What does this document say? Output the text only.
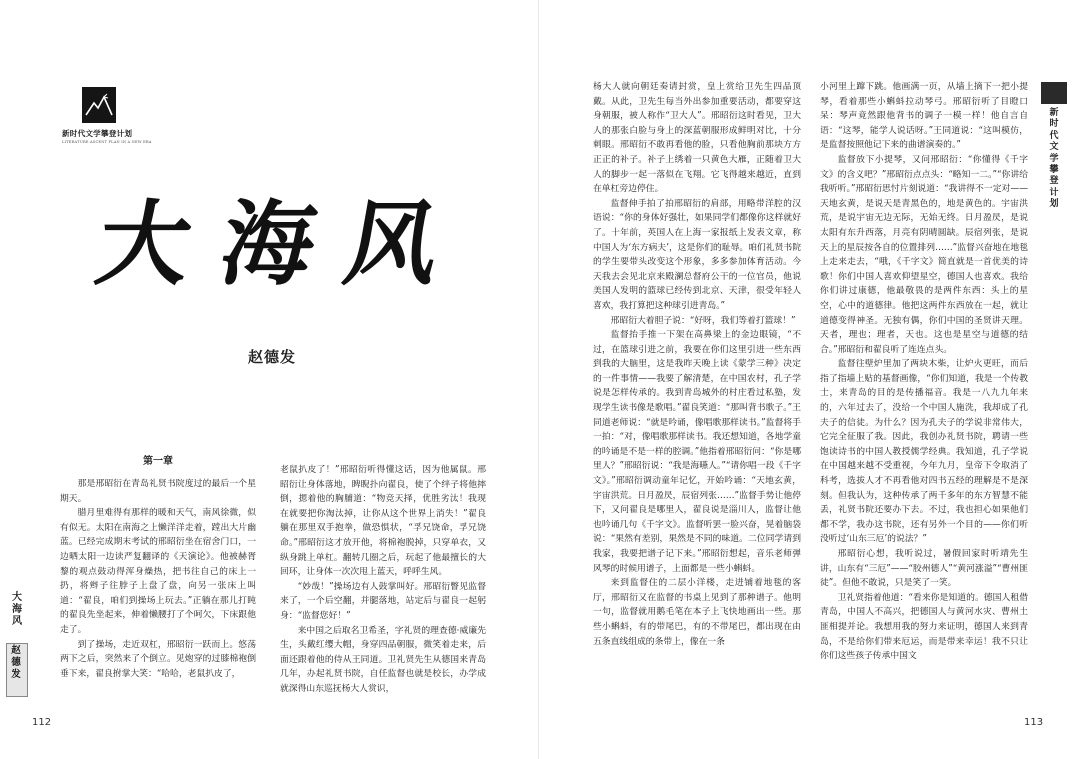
新时代文学攀登计划
LITERATURE ASCENT PLAN IN A NEW ERA
大海风
赵德发
第一章

那是邢昭衍在青岛礼贤书院度过的最后一个星期天。

腊月里难得有那样的暖和天气，南风徐微，似有似无。太阳在南海之上懒洋洋走着，蹚出大片幽蓝。已经完成期末考试的邢昭衍坐在宿舍门口，一边晒太阳一边读严复翻译的《天演论》。他被赫胥黎的观点鼓动得浑身燥热，把书往自己的床上一扔，将辫子往脖子上盘了盘，向另一张床上叫道：“翟良，咱们到操场上玩去。”正躺在那儿打盹的翟良先坐起来，伸着懒腰打了个呵欠，下床跟他走了。

到了操场，走近双杠，邢昭衍一跃而上。悠荡两下之后，突然来了个倒立。见炮穿的过膝棉袍倒垂下来，翟良拊掌大笑：“哈哈，老鼠扒皮了，

老鼠扒皮了！”邢昭衍听得懂这话，因为他属鼠。邢昭衍让身体落地，睥睨扑向翟良，使了个绊子将他摔倒，摁着他的胸脯道：“物竞天择，优胜劣汰！我现在就要把你淘汰掉，让你从这个世界上消失！”翟良躺在那里双手抱拳，做恐惧状，“孚兄饶命，孚兄饶命。”邢昭衍这才放开他，将棉袍脱掉，只穿单衣，又纵身跳上单杠。翻转几圈之后，玩起了他最擅长的大回环，让身体一次次甩上蓝天，呼呼生风。

“妙哉！”操场边有人鼓掌叫好。邢昭衍瞥见监督来了，一个后空翻，并腿落地，站定后与翟良一起躬身：“监督您好！”

来中国之后取名卫希圣，字礼贤的理查德·威廉先生，头戴红缨大帽，身穿四品朝服，微笑着走来，后面还跟着他的侍从王同道。卫礼贤先生从德国来青岛几年，办起礼贤书院，自任监督也就是校长，办学成就深得山东巡抚杨大人赏识，

杨大人就向朝廷奏请封赏，皇上赏给卫先生四品顶戴。从此，卫先生每当外出参加重要活动，都要穿这身朝服，被人称作“卫大人”。邢昭衍这时看见，卫大人的那张白脸与身上的深蓝朝服形成鲜明对比，十分刺眼。邢昭衍不敢再看他的脸，只看他胸前那块方方正正的补子。补子上绣着一只黄色大雁，正随着卫大人的脚步一起一落似在飞翔。它飞得越来越近，直到在单杠旁边停住。

监督伸手拍了拍邢昭衍的肩部，用略带洋腔的汉语说：“你的身体好强壮，如果同学们都像你这样就好了。十年前，英国人在上海一家报纸上发表文章，称中国人为‘东方病夫’，这是你们的耻辱。咱们礼贤书院的学生要带头改变这个形象，多多参加体育活动。今天我去会见北京来殿澜总督府公干的一位官员，他说美国人发明的篮球已经传到北京、天津，很受年轻人喜欢，我打算把这种球引进青岛。”

邢昭衍大着胆子说：“好呀，我们等着打篮球！”

监督抬手推一下架在高鼻梁上的金边眼镜，“不过，在篮球引进之前，我要在你们这里引进一些东西到我的大脑里，这是我昨天晚上读《蒙学三种》决定的一件事情——我要了解清楚，在中国农村，孔子学说是怎样传承的。我到青岛城外的村庄看过私塾，发现学生读书像是歌唱。”翟良笑道：“那叫背书歌子。”王同道老师说：“就是吟诵，像唱歌那样读书。”监督将手一拍：“对，像唱歌那样读书。我还想知道，各地学童的吟诵是不是一样的腔调。”他指着邢昭衍问：“你是哪里人？”邢昭衍说：“我是海曣人。”“请你唱一段《千字文》。”邢昭衍调动童年记忆，开始吟诵：“天地玄黄，宇宙洪荒。日月盈昃，辰宿列张……”监督手势让他停下，又问翟良是哪里人，翟良说是淄川人，监督让他也吟诵几句《千字文》。监督听罢一脸兴奋，晃着脑袋说：“果然有差别，果然是不同的味道。二位同学请到我家，我要把谱子记下来。”邢昭衍想起，音乐老师弹风琴的时候用谱子，上面都是一些小蝌蚪。

来到监督住的二层小洋楼，走进铺着地毯的客厅，邢昭衍又在监督的书桌上见到了那种谱子。他明一句，监督就用鹅毛笔在本子上飞快地画出一些。那些小蝌蚪，有的带尾巴，有的不带尾巴，都出现在由五条直线组成的条带上，像在一条

小河里上蹿下跳。他画满一页，从墙上摘下一把小提琴，看着那些小蝌蚪拉动琴弓。邢昭衍听了目瞪口呆：琴声竟然跟他背书的调子一模一样！他自言自语：“这琴，能学人说话呀。”王同道说：“这叫模仿，是监督按照他记下来的曲谱演奏的。”

监督放下小提琴，又问邢昭衍：“你懂得《千字文》的含义吧？”邢昭衍点点头：“略知一二。”“你讲给我听听。”邢昭衍思忖片刻说道：“我讲得不一定对——天地玄黄，是说天是青黑色的，地是黄色的。宇宙洪荒，是说宇宙无边无际，无始无终。日月盈昃，是说太阳有东升西落，月亮有阴晴圆缺。辰宿列张，是说天上的星辰按各自的位置排列……”监督兴奋地在地毯上走来走去，“哦，《千字文》简直就是一首优美的诗歌！你们中国人喜欢仰望星空，德国人也喜欢。我给你们讲过康德，他最敬畏的是两件东西：头上的星空，心中的道德律。他把这两件东西放在一起，就让道德变得神圣。无独有偶，你们中国的圣贤讲天理。天者，理也；理者，天也。这也是星空与道德的结合。”邢昭衍和翟良听了连连点头。

监督往壁炉里加了两块木柴，让炉火更旺，而后指了指墙上贴的基督画像，“你们知道，我是一个传教士，来青岛的目的是传播福音。我是一八九九年来的，六年过去了，没给一个中国人施洗，我却成了孔夫子的信徒。为什么？因为孔夫子的学说非常伟大，它完全征服了我。因此，我创办礼贤书院，聘请一些饱读诗书的中国人教授儒学经典。我知道，孔子学说在中国越来越不受重视，今年九月，皇帝下令取消了科考，选拔人才不再看他对四书五经的理解是不是深刻。但我认为，这种传承了两千多年的东方智慧不能丢，礼贤书院还要办下去。不过，我也担心如果他们都不学，我办这书院，还有另外一个目的——你们听没听过‘山东三厄’的说法？”

邢昭衍心想，我听说过，暑假回家时听靖先生讲，山东有“三厄”——“胶州德人”“黄河涨溢”“曹州匪徒”。但他不敢说，只是笑了一笑。

卫礼贤指着他道：“看来你是知道的。德国人租借青岛，中国人不高兴，把德国人与黄河水灾、曹州土匪相提并论。我想用我的努力来证明，德国人来到青岛，不是给你们带来厄运，而是带来幸运！我不只让你们这些孩子传承中国文

大
海
风
赵
德
发
新
时
代
文
学
攀
登
计
划
112	113
